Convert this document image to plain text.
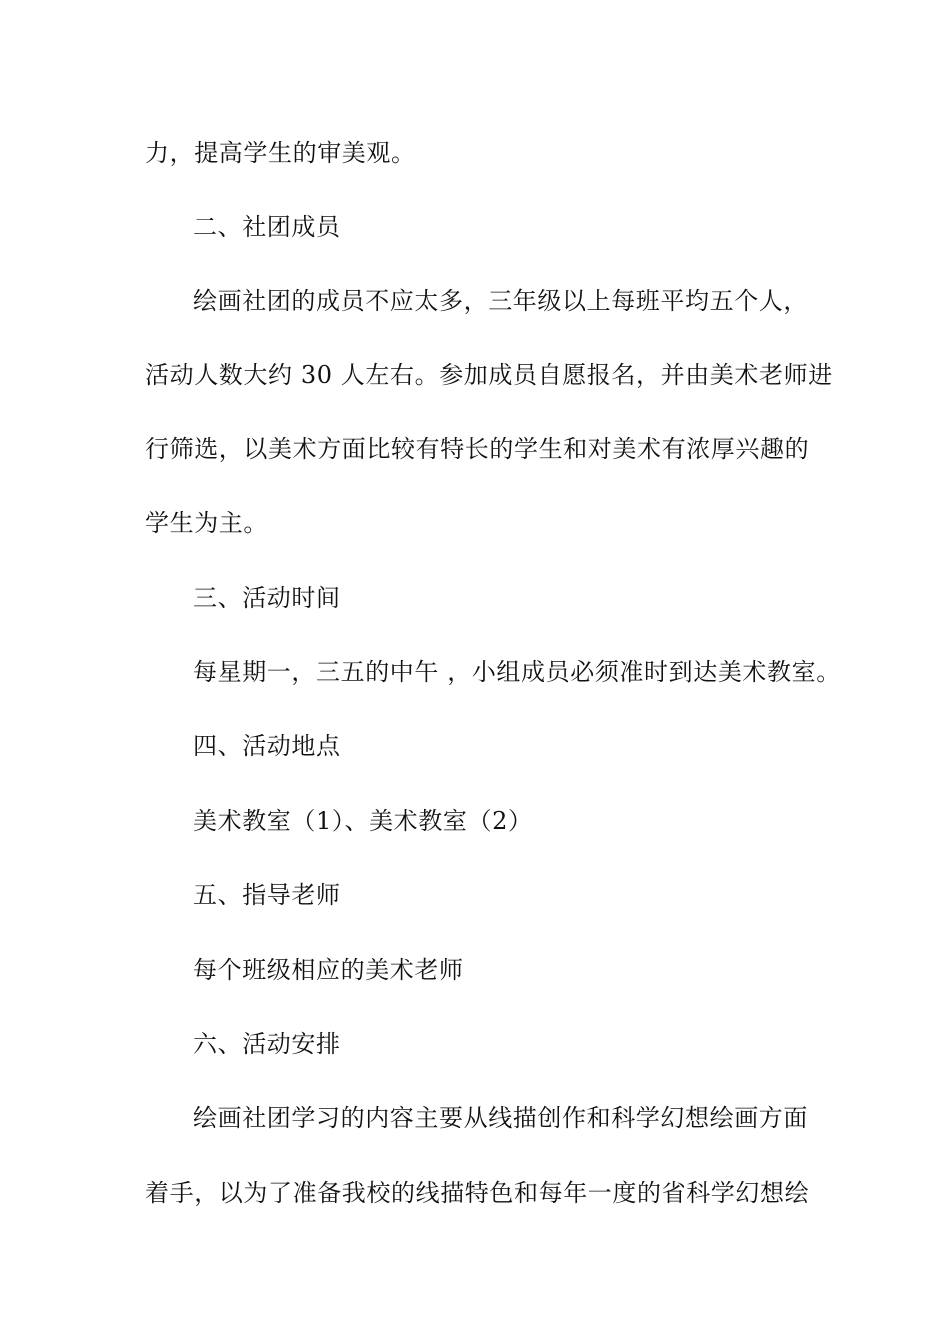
力，提高学生的审美观。
二、社团成员
绘画社团的成员不应太多，三年级以上每班平均五个人，
活动人数大约 30 人左右。参加成员自愿报名，并由美术老师进
行筛选，以美术方面比较有特长的学生和对美术有浓厚兴趣的
学生为主。
三、活动时间
每星期一，三五的中午 ，小组成员必须准时到达美术教室。
四、活动地点
美术教室（1）、美术教室（2）
五、指导老师
每个班级相应的美术老师
六、活动安排
绘画社团学习的内容主要从线描创作和科学幻想绘画方面
着手，以为了准备我校的线描特色和每年一度的省科学幻想绘
